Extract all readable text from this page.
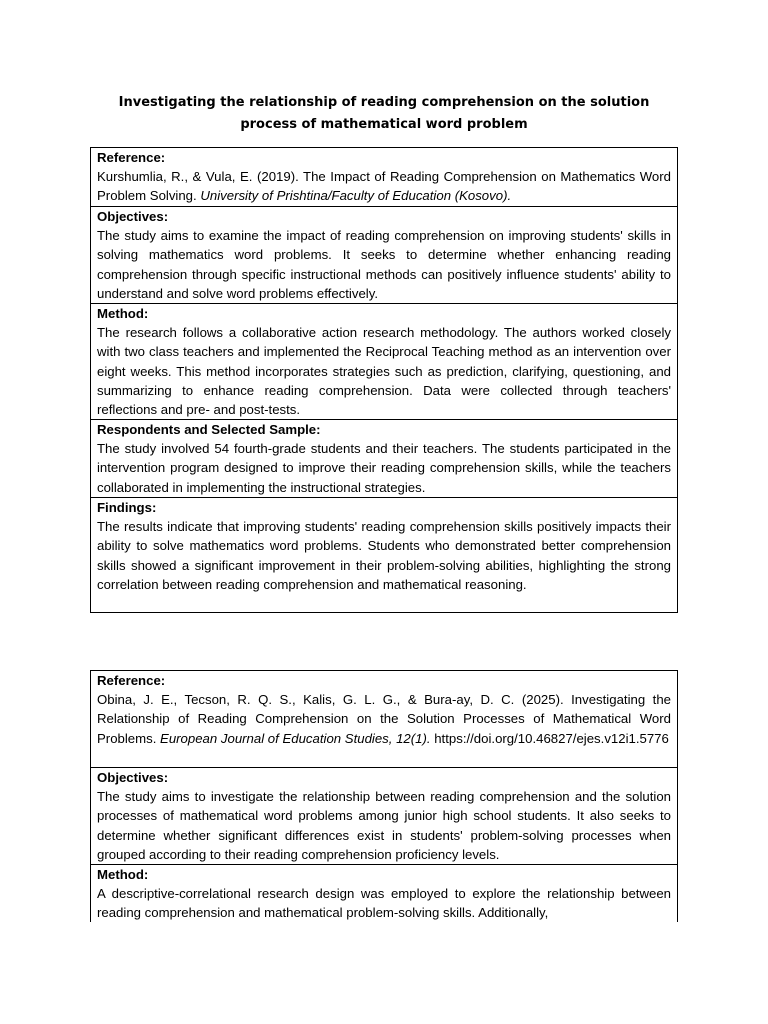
Investigating the relationship of reading comprehension on the solution process of mathematical word problem
Reference:
Kurshumlia, R., & Vula, E. (2019). The Impact of Reading Comprehension on Mathematics Word Problem Solving. University of Prishtina/Faculty of Education (Kosovo).
Objectives:
The study aims to examine the impact of reading comprehension on improving students' skills in solving mathematics word problems. It seeks to determine whether enhancing reading comprehension through specific instructional methods can positively influence students' ability to understand and solve word problems effectively.
Method:
The research follows a collaborative action research methodology. The authors worked closely with two class teachers and implemented the Reciprocal Teaching method as an intervention over eight weeks. This method incorporates strategies such as prediction, clarifying, questioning, and summarizing to enhance reading comprehension. Data were collected through teachers' reflections and pre- and post-tests.
Respondents and Selected Sample:
The study involved 54 fourth-grade students and their teachers. The students participated in the intervention program designed to improve their reading comprehension skills, while the teachers collaborated in implementing the instructional strategies.
Findings:
The results indicate that improving students' reading comprehension skills positively impacts their ability to solve mathematics word problems. Students who demonstrated better comprehension skills showed a significant improvement in their problem-solving abilities, highlighting the strong correlation between reading comprehension and mathematical reasoning.
Reference:
Obina, J. E., Tecson, R. Q. S., Kalis, G. L. G., & Bura-ay, D. C. (2025). Investigating the Relationship of Reading Comprehension on the Solution Processes of Mathematical Word Problems. European Journal of Education Studies, 12(1). https://doi.org/10.46827/ejes.v12i1.5776
Objectives:
The study aims to investigate the relationship between reading comprehension and the solution processes of mathematical word problems among junior high school students. It also seeks to determine whether significant differences exist in students' problem-solving processes when grouped according to their reading comprehension proficiency levels.
Method:
A descriptive-correlational research design was employed to explore the relationship between reading comprehension and mathematical problem-solving skills. Additionally,
